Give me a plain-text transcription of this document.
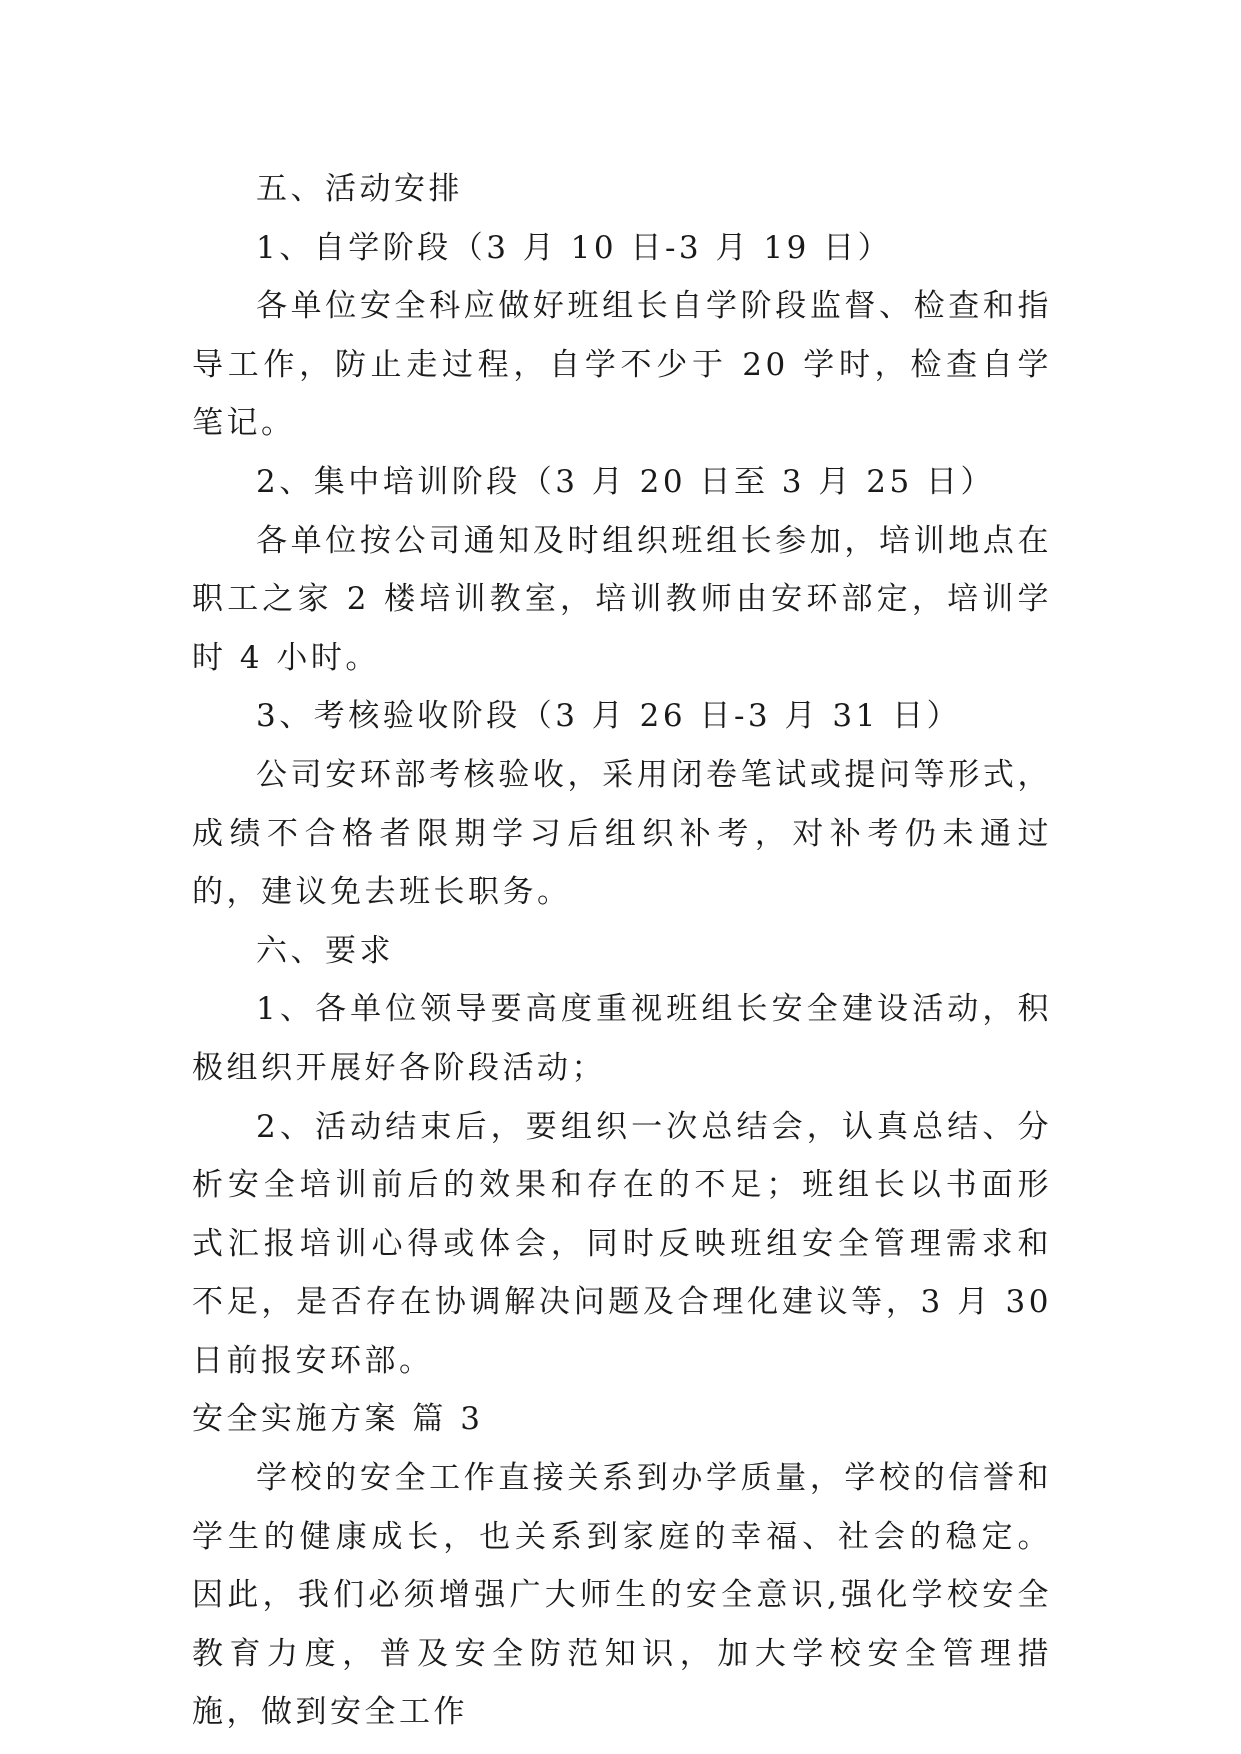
五、活动安排

1、自学阶段（3 月 10 日-3 月 19 日）

各单位安全科应做好班组长自学阶段监督、检查和指导工作，防止走过程，自学不少于 20 学时，检查自学笔记。

2、集中培训阶段（3 月 20 日至 3 月 25 日）

各单位按公司通知及时组织班组长参加，培训地点在职工之家 2 楼培训教室，培训教师由安环部定，培训学时 4 小时。

3、考核验收阶段（3 月 26 日-3 月 31 日）

公司安环部考核验收，采用闭卷笔试或提问等形式，成绩不合格者限期学习后组织补考，对补考仍未通过的，建议免去班长职务。

六、要求

1、各单位领导要高度重视班组长安全建设活动，积极组织开展好各阶段活动；

2、活动结束后，要组织一次总结会，认真总结、分析安全培训前后的效果和存在的不足；班组长以书面形式汇报培训心得或体会，同时反映班组安全管理需求和不足，是否存在协调解决问题及合理化建议等，3 月 30 日前报安环部。

安全实施方案 篇 3

学校的安全工作直接关系到办学质量，学校的信誉和学生的健康成长，也关系到家庭的幸福、社会的稳定。因此，我们必须增强广大师生的安全意识,强化学校安全教育力度，普及安全防范知识，加大学校安全管理措施，做到安全工作
